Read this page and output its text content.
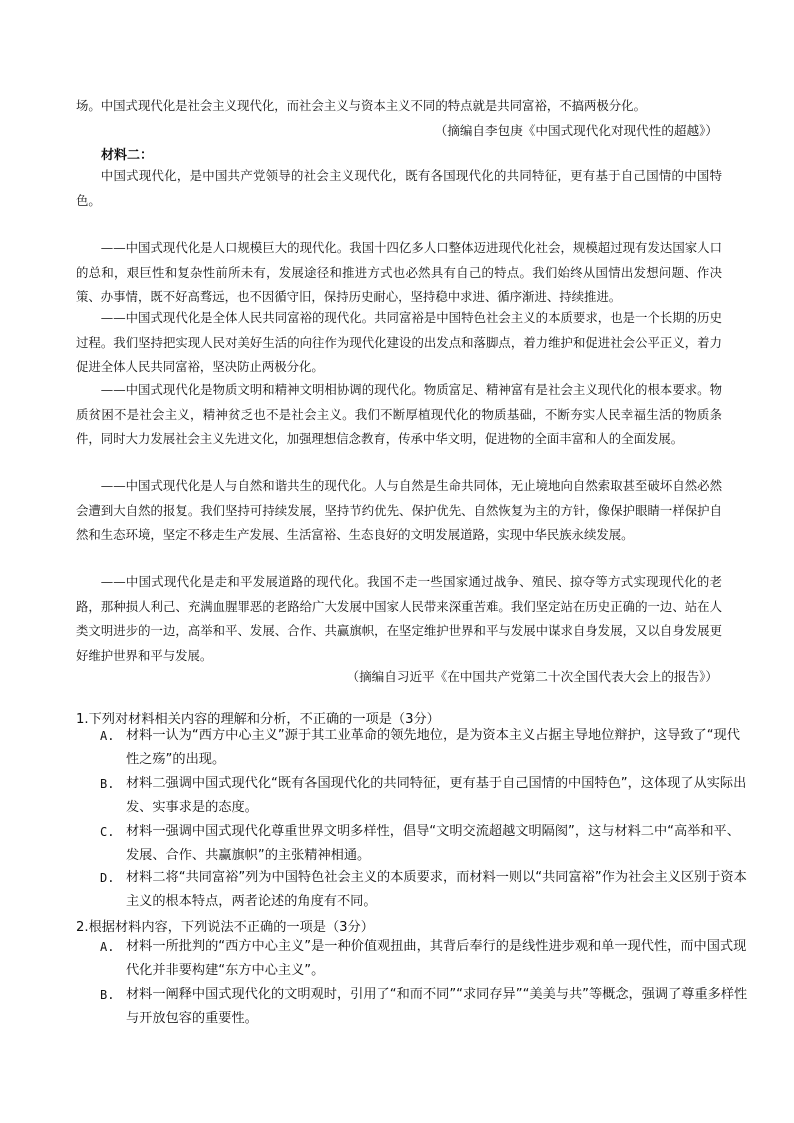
场。中国式现代化是社会主义现代化，而社会主义与资本主义不同的特点就是共同富裕，不搞两极分化。

（摘编自李包庚《中国式现代化对现代性的超越》）
材料二：

中国式现代化，是中国共产党领导的社会主义现代化，既有各国现代化的共同特征，更有基于自己国情的中国特色。

——中国式现代化是人口规模巨大的现代化。我国十四亿多人口整体迈进现代化社会，规模超过现有发达国家人口的总和，艰巨性和复杂性前所未有，发展途径和推进方式也必然具有自己的特点。我们始终从国情出发想问题、作决策、办事情，既不好高骛远，也不因循守旧，保持历史耐心，坚持稳中求进、循序渐进、持续推进。

——中国式现代化是全体人民共同富裕的现代化。共同富裕是中国特色社会主义的本质要求，也是一个长期的历史过程。我们坚持把实现人民对美好生活的向往作为现代化建设的出发点和落脚点，着力维护和促进社会公平正义，着力促进全体人民共同富裕，坚决防止两极分化。

——中国式现代化是物质文明和精神文明相协调的现代化。物质富足、精神富有是社会主义现代化的根本要求。物质贫困不是社会主义，精神贫乏也不是社会主义。我们不断厚植现代化的物质基础，不断夯实人民幸福生活的物质条件，同时大力发展社会主义先进文化，加强理想信念教育，传承中华文明，促进物的全面丰富和人的全面发展。

——中国式现代化是人与自然和谐共生的现代化。人与自然是生命共同体，无止境地向自然索取甚至破坏自然必然会遭到大自然的报复。我们坚持可持续发展，坚持节约优先、保护优先、自然恢复为主的方针，像保护眼睛一样保护自然和生态环境，坚定不移走生产发展、生活富裕、生态良好的文明发展道路，实现中华民族永续发展。

——中国式现代化是走和平发展道路的现代化。我国不走一些国家通过战争、殖民、掠夺等方式实现现代化的老路，那种损人利己、充满血腥罪恶的老路给广大发展中国家人民带来深重苦难。我们坚定站在历史正确的一边、站在人类文明进步的一边，高举和平、发展、合作、共赢旗帜，在坚定维护世界和平与发展中谋求自身发展，又以自身发展更好维护世界和平与发展。

（摘编自习近平《在中国共产党第二十次全国代表大会上的报告》）
1.下列对材料相关内容的理解和分析，不正确的一项是（3分）
A. 材料一认为“西方中心主义”源于其工业革命的领先地位，是为资本主义占据主导地位辩护，这导致了“现代性之殇”的出现。
B. 材料二强调中国式现代化“既有各国现代化的共同特征，更有基于自己国情的中国特色”，这体现了从实际出发、实事求是的态度。
C. 材料一强调中国式现代化尊重世界文明多样性，倡导“文明交流超越文明隔阂”，这与材料二中“高举和平、发展、合作、共赢旗帜”的主张精神相通。
D. 材料二将“共同富裕”列为中国特色社会主义的本质要求，而材料一则以“共同富裕”作为社会主义区别于资本主义的根本特点，两者论述的角度有不同。
2.根据材料内容，下列说法不正确的一项是（3分）
A. 材料一所批判的“西方中心主义”是一种价值观扭曲，其背后奉行的是线性进步观和单一现代性，而中国式现代化并非要构建“东方中心主义”。
B. 材料一阐释中国式现代化的文明观时，引用了“和而不同”“求同存异”“美美与共”等概念，强调了尊重多样性与开放包容的重要性。
